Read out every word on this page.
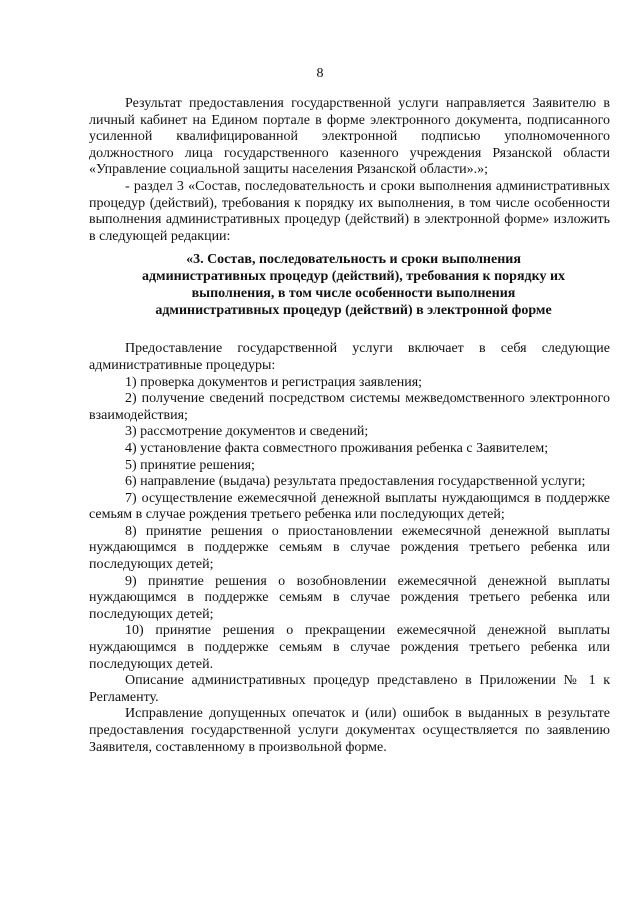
8

Результат предоставления государственной услуги направляется Заявителю в личный кабинет на Едином портале в форме электронного документа, подписанного усиленной квалифицированной электронной подписью уполномоченного должностного лица государственного казенного учреждения Рязанской области «Управление социальной защиты населения Рязанской области».»;

- раздел 3 «Состав, последовательность и сроки выполнения административных процедур (действий), требования к порядку их выполнения, в том числе особенности выполнения административных процедур (действий) в электронной форме» изложить в следующей редакции:

«3. Состав, последовательность и сроки выполнения
административных процедур (действий), требования к порядку их
выполнения, в том числе особенности выполнения
административных процедур (действий) в электронной форме

Предоставление государственной услуги включает в себя следующие административные процедуры:

1) проверка документов и регистрация заявления;

2) получение сведений посредством системы межведомственного электронного взаимодействия;

3) рассмотрение документов и сведений;

4) установление факта совместного проживания ребенка с Заявителем;

5) принятие решения;

6) направление (выдача) результата предоставления государственной услуги;

7) осуществление ежемесячной денежной выплаты нуждающимся в поддержке семьям в случае рождения третьего ребенка или последующих детей;

8) принятие решения о приостановлении ежемесячной денежной выплаты нуждающимся в поддержке семьям в случае рождения третьего ребенка или последующих детей;

9) принятие решения о возобновлении ежемесячной денежной выплаты нуждающимся в поддержке семьям в случае рождения третьего ребенка или последующих детей;

10) принятие решения о прекращении ежемесячной денежной выплаты нуждающимся в поддержке семьям в случае рождения третьего ребенка или последующих детей.

Описание административных процедур представлено в Приложении № 1 к Регламенту.

Исправление допущенных опечаток и (или) ошибок в выданных в результате предоставления государственной услуги документах осуществляется по заявлению Заявителя, составленному в произвольной форме.
